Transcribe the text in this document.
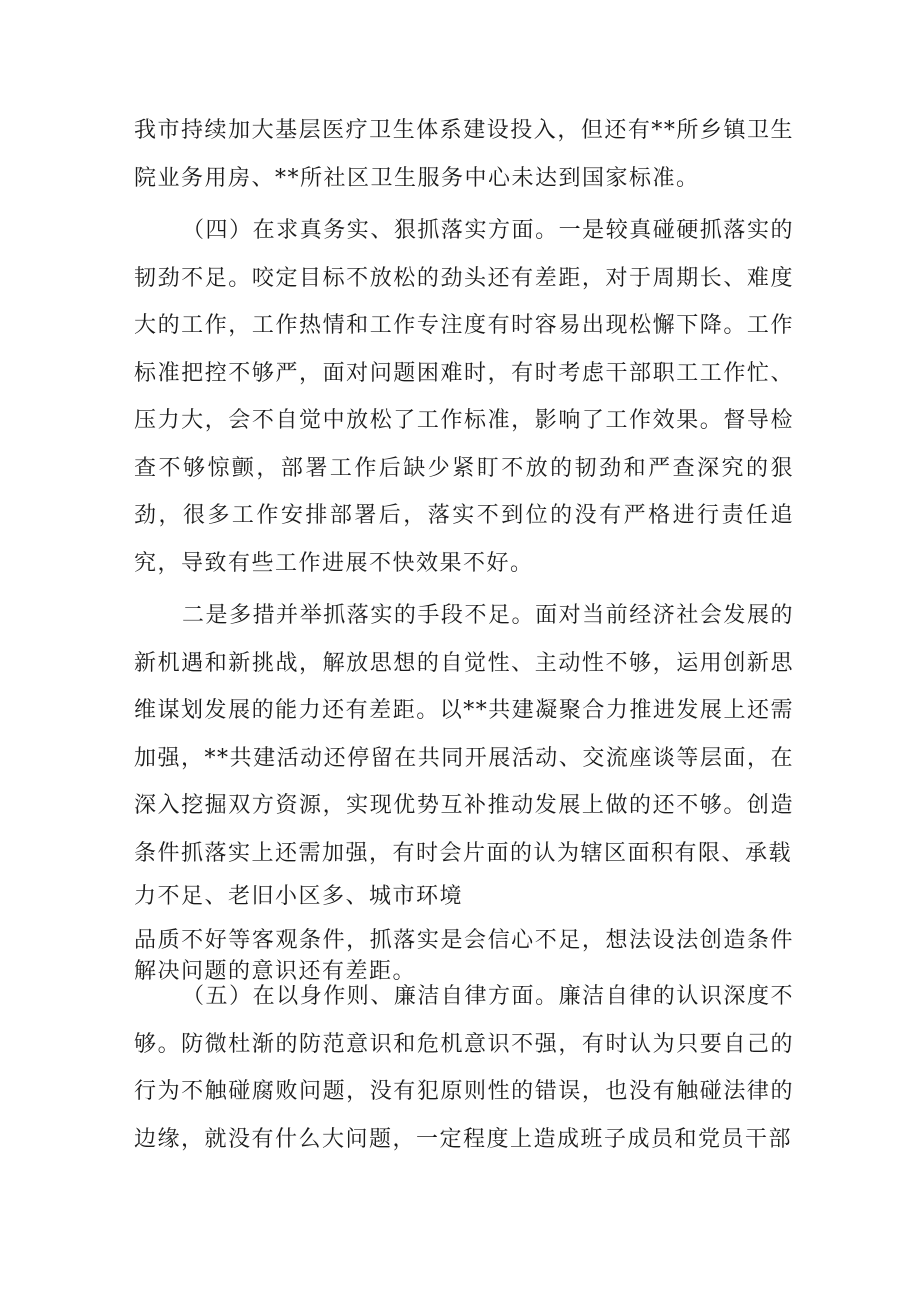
我市持续加大基层医疗卫生体系建设投入，但还有**所乡镇卫生院业务用房、**所社区卫生服务中心未达到国家标准。

（四）在求真务实、狠抓落实方面。一是较真碰硬抓落实的韧劲不足。咬定目标不放松的劲头还有差距，对于周期长、难度大的工作，工作热情和工作专注度有时容易出现松懈下降。工作标准把控不够严，面对问题困难时，有时考虑干部职工工作忙、压力大，会不自觉中放松了工作标准，影响了工作效果。督导检查不够惊颤，部署工作后缺少紧盯不放的韧劲和严查深究的狠劲，很多工作安排部署后，落实不到位的没有严格进行责任追究，导致有些工作进展不快效果不好。

二是多措并举抓落实的手段不足。面对当前经济社会发展的新机遇和新挑战，解放思想的自觉性、主动性不够，运用创新思维谋划发展的能力还有差距。以**共建凝聚合力推进发展上还需加强，**共建活动还停留在共同开展活动、交流座谈等层面，在深入挖掘双方资源，实现优势互补推动发展上做的还不够。创造条件抓落实上还需加强，有时会片面的认为辖区面积有限、承载

力不足、老旧小区多、城市环境

品质不好等客观条件，抓落实是会信心不足，想法设法创造条件解决问题的意识还有差距。

（五）在以身作则、廉洁自律方面。廉洁自律的认识深度不够。防微杜渐的防范意识和危机意识不强，有时认为只要自己的行为不触碰腐败问题，没有犯原则性的错误，也没有触碰法律的边缘，就没有什么大问题，一定程度上造成班子成员和党员干部
